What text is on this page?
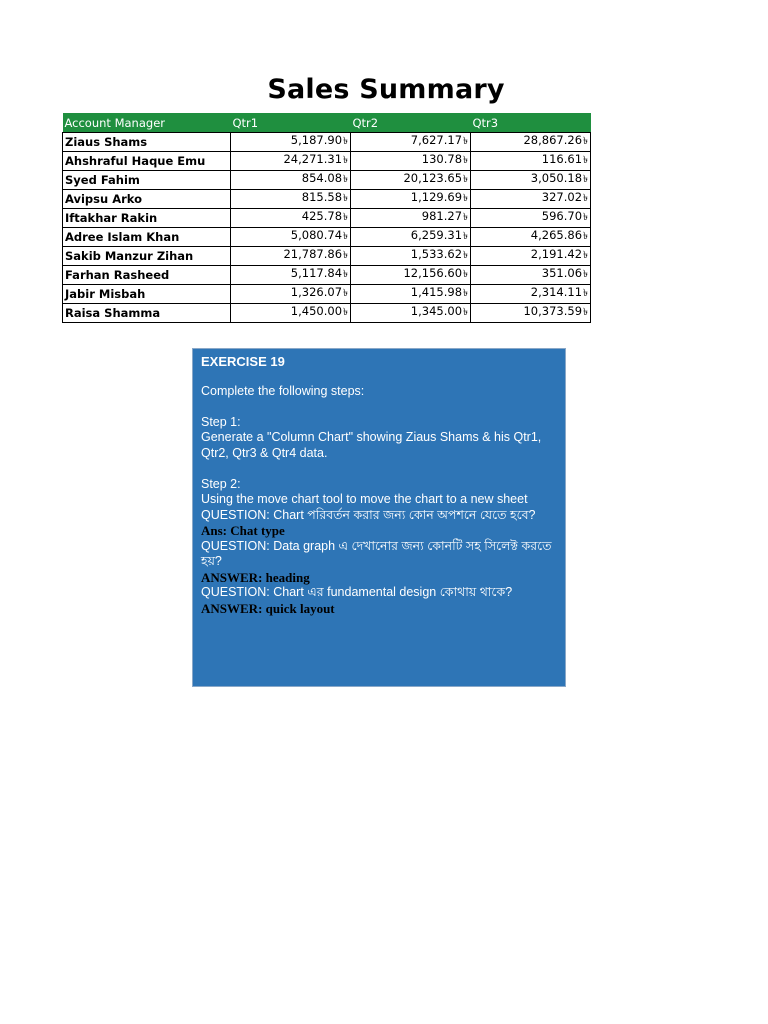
Sales Summary
Account Manager	Qtr1	Qtr2	Qtr3
Ziaus Shams	5,187.90৳	7,627.17৳	28,867.26৳
Ahshraful Haque Emu	24,271.31৳	130.78৳	116.61৳
Syed Fahim	854.08৳	20,123.65৳	3,050.18৳
Avipsu Arko	815.58৳	1,129.69৳	327.02৳
Iftakhar Rakin	425.78৳	981.27৳	596.70৳
Adree Islam Khan	5,080.74৳	6,259.31৳	4,265.86৳
Sakib Manzur Zihan	21,787.86৳	1,533.62৳	2,191.42৳
Farhan Rasheed	5,117.84৳	12,156.60৳	351.06৳
Jabir Misbah	1,326.07৳	1,415.98৳	2,314.11৳
Raisa Shamma	1,450.00৳	1,345.00৳	10,373.59৳
EXERCISE 19
Complete the following steps:
Step 1:
Generate a "Column Chart" showing Ziaus Shams & his Qtr1, Qtr2, Qtr3 & Qtr4 data.
Step 2:
Using the move chart tool to move the chart to a new sheet
QUESTION: Chart পরিবর্তন করার জন্য কোন অপশনে যেতে হবে?
Ans: Chat type
QUESTION: Data graph এ দেখানোর জন্য কোনটি সহ সিলেক্ট করতে হয়?
ANSWER: heading
QUESTION: Chart এর fundamental design কোথায় থাকে?
ANSWER: quick layout
